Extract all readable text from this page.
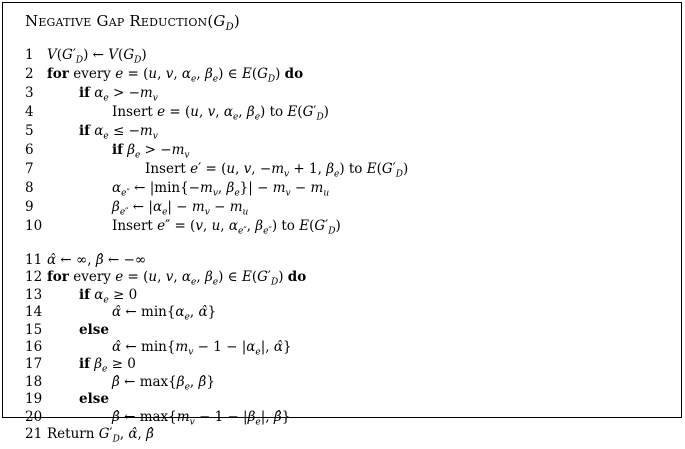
Negative Gap $Reduction(G_D)$
1 $V(G'_D)$ ← $V(G_D)$
2 for every e = (u, v, $\alpha_e$, $\beta_e$) ∈ $E(G_D)$ do
3	if $\alpha_e > -m_v$
4	Insert e = (u, v, $\alpha_e$, $\beta_e$) to $E(G'_D)$
5	if $\alpha_e \le -m_v$
6	if $\beta_e > -m_v$
7	Insert e′ = (u, v, $-m_v + 1$, $\beta_e$) to $E(G'_D)$
8	$\alpha_{e''}$ ← $|\min\{-m_v$, $\beta_e\}| - m_v - m_u$
9	$\beta_{e''}$ ← $|\alpha_e| - m_v - m_u$
10	Insert e″ = (v, u, $\alpha_{e''}$, $\beta_{e''}$) to $E(G'_D)$
11 α̂ ← ∞, β̂ ← −∞
12 for every e = (u, v, $\alpha_e$, $\beta_e$) ∈ $E(G'_D)$ do
13	if $\alpha_e \ge 0$
14	α̂ ← $\min\{\alpha_e$, α̂}
15	else
16	α̂ ← $\min\{m_v - 1 - |\alpha_e|$, α̂}
17	if $\beta_e \ge 0$
18	β̂ ← $\max\{\beta_e$, β̂}
19	else
20	β̂ ← $\max\{m_v - 1 - |\beta_e|$, β̂}
21 Return $G'_D$, α̂, β̂
